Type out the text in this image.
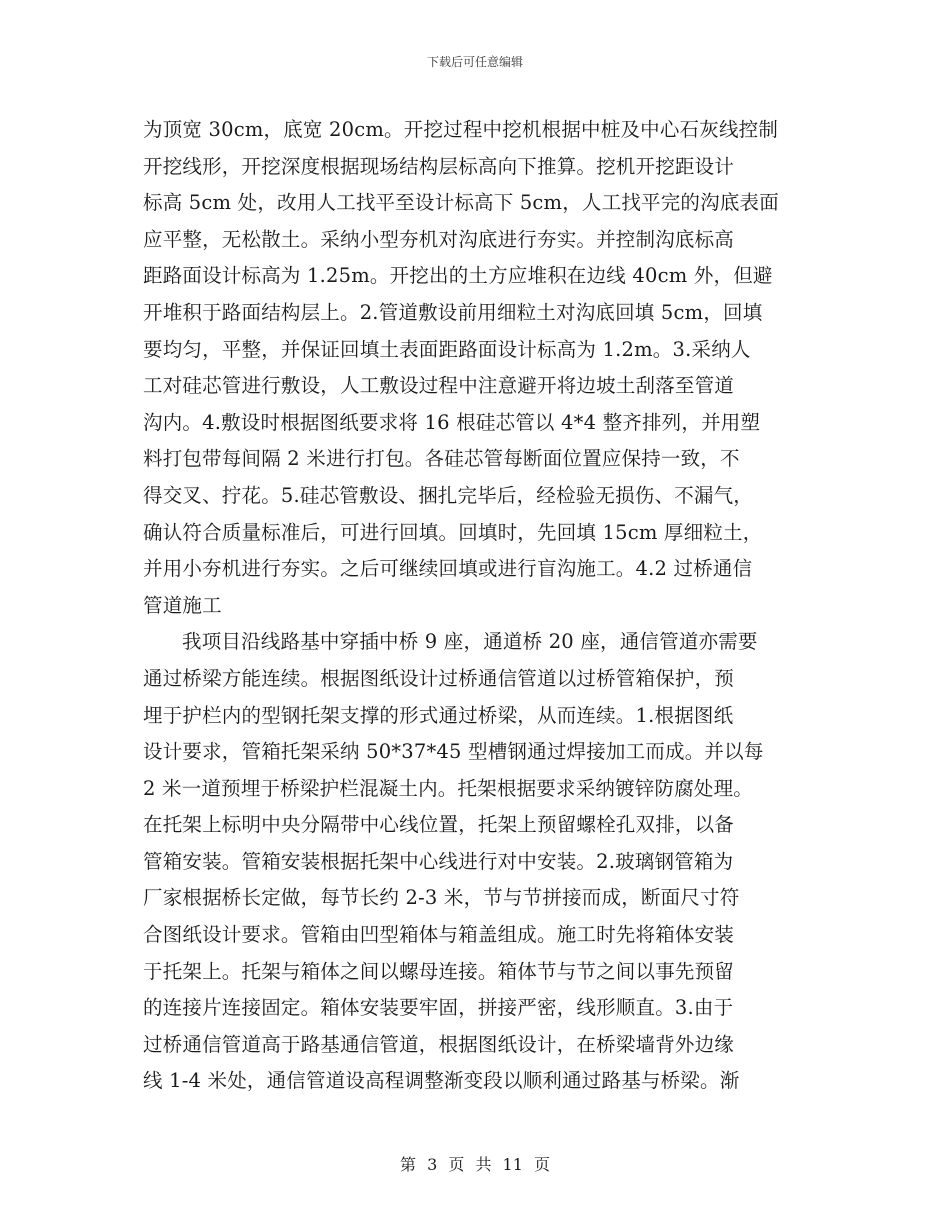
下载后可任意编辑
为顶宽 30cm，底宽 20cm。开挖过程中挖机根据中桩及中心石灰线控制
开挖线形，开挖深度根据现场结构层标高向下推算。挖机开挖距设计
标高 5cm 处，改用人工找平至设计标高下 5cm，人工找平完的沟底表面
应平整，无松散土。采纳小型夯机对沟底进行夯实。并控制沟底标高
距路面设计标高为 1.25m。开挖出的土方应堆积在边线 40cm 外，但避
开堆积于路面结构层上。2.管道敷设前用细粒土对沟底回填 5cm，回填
要均匀，平整，并保证回填土表面距路面设计标高为 1.2m。3.采纳人
工对硅芯管进行敷设，人工敷设过程中注意避开将边坡土刮落至管道
沟内。4.敷设时根据图纸要求将 16 根硅芯管以 4*4 整齐排列，并用塑
料打包带每间隔 2 米进行打包。各硅芯管每断面位置应保持一致，不
得交叉、拧花。5.硅芯管敷设、捆扎完毕后，经检验无损伤、不漏气，
确认符合质量标准后，可进行回填。回填时，先回填 15cm 厚细粒土，
并用小夯机进行夯实。之后可继续回填或进行盲沟施工。4.2 过桥通信
管道施工
我项目沿线路基中穿插中桥 9 座，通道桥 20 座，通信管道亦需要
通过桥梁方能连续。根据图纸设计过桥通信管道以过桥管箱保护，预
埋于护栏内的型钢托架支撑的形式通过桥梁，从而连续。1.根据图纸
设计要求，管箱托架采纳 50*37*45 型槽钢通过焊接加工而成。并以每
2 米一道预埋于桥梁护栏混凝土内。托架根据要求采纳镀锌防腐处理。
在托架上标明中央分隔带中心线位置，托架上预留螺栓孔双排，以备
管箱安装。管箱安装根据托架中心线进行对中安装。2.玻璃钢管箱为
厂家根据桥长定做，每节长约 2-3 米，节与节拼接而成，断面尺寸符
合图纸设计要求。管箱由凹型箱体与箱盖组成。施工时先将箱体安装
于托架上。托架与箱体之间以螺母连接。箱体节与节之间以事先预留
的连接片连接固定。箱体安装要牢固，拼接严密，线形顺直。3.由于
过桥通信管道高于路基通信管道，根据图纸设计，在桥梁墙背外边缘
线 1-4 米处，通信管道设高程调整渐变段以顺利通过路基与桥梁。渐
第 3 页 共 11 页
